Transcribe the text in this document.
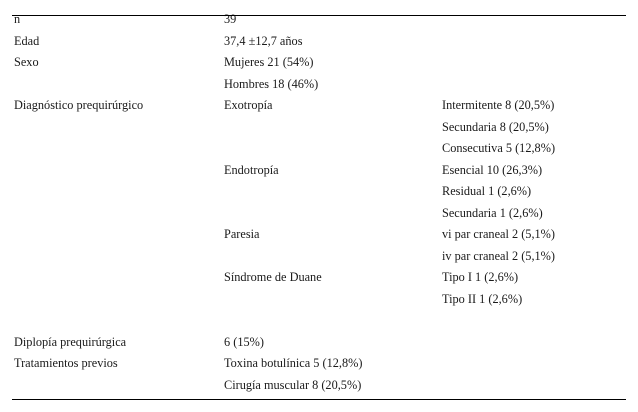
n	39	
Edad	37,4 ±12,7 años	
Sexo	Mujeres 21 (54%)	
	Hombres 18 (46%)	
Diagnóstico prequirúrgico	Exotropía	Intermitente 8 (20,5%)
		Secundaria 8 (20,5%)
		Consecutiva 5 (12,8%)
	Endotropía	Esencial 10 (26,3%)
		Residual 1 (2,6%)
		Secundaria 1 (2,6%)
	Paresia	vi par craneal 2 (5,1%)
		iv par craneal 2 (5,1%)
	Síndrome de Duane	Tipo I 1 (2,6%)
		Tipo II 1 (2,6%)

Diplopía prequirúrgica	6 (15%)	
Tratamientos previos	Toxina botulínica 5 (12,8%)	
	Cirugía muscular 8 (20,5%)	
